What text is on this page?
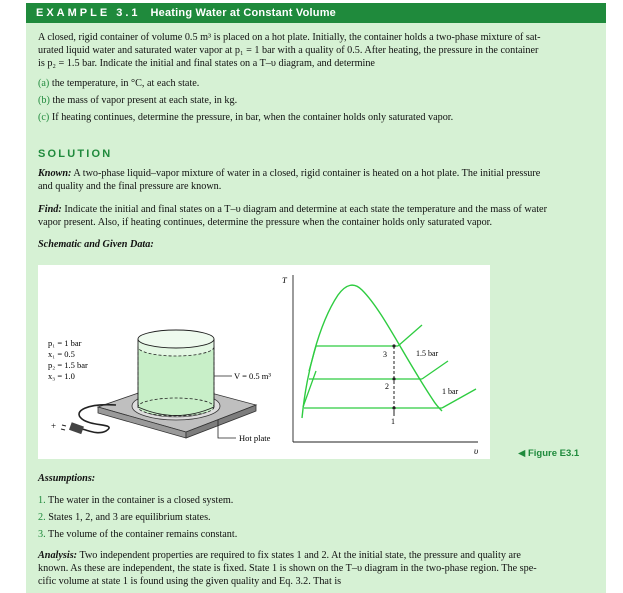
EXAMPLE 3.1 Heating Water at Constant Volume
A closed, rigid container of volume 0.5 m³ is placed on a hot plate. Initially, the container holds a two-phase mixture of sat-
urated liquid water and saturated water vapor at p₁ = 1 bar with a quality of 0.5. After heating, the pressure in the container
is p₂ = 1.5 bar. Indicate the initial and final states on a T–υ diagram, and determine
(a) the temperature, in °C, at each state.
(b) the mass of vapor present at each state, in kg.
(c) If heating continues, determine the pressure, in bar, when the container holds only saturated vapor.
SOLUTION
Known: A two-phase liquid–vapor mixture of water in a closed, rigid container is heated on a hot plate. The initial pressure
and quality and the final pressure are known.
Find: Indicate the initial and final states on a T–υ diagram and determine at each state the temperature and the mass of water
vapor present. Also, if heating continues, determine the pressure when the container holds only saturated vapor.
Schematic and Given Data:
p₁ = 1 bar
x₁ = 0.5
p₂ = 1.5 bar
x₃ = 1.0
+
V = 0.5 m³
Hot plate
T
υ
3
2
1
1.5 bar
1 bar
◀ Figure E3.1
Assumptions:
1. The water in the container is a closed system.
2. States 1, 2, and 3 are equilibrium states.
3. The volume of the container remains constant.
Analysis: Two independent properties are required to fix states 1 and 2. At the initial state, the pressure and quality are
known. As these are independent, the state is fixed. State 1 is shown on the T–υ diagram in the two-phase region. The spe-
cific volume at state 1 is found using the given quality and Eq. 3.2. That is
